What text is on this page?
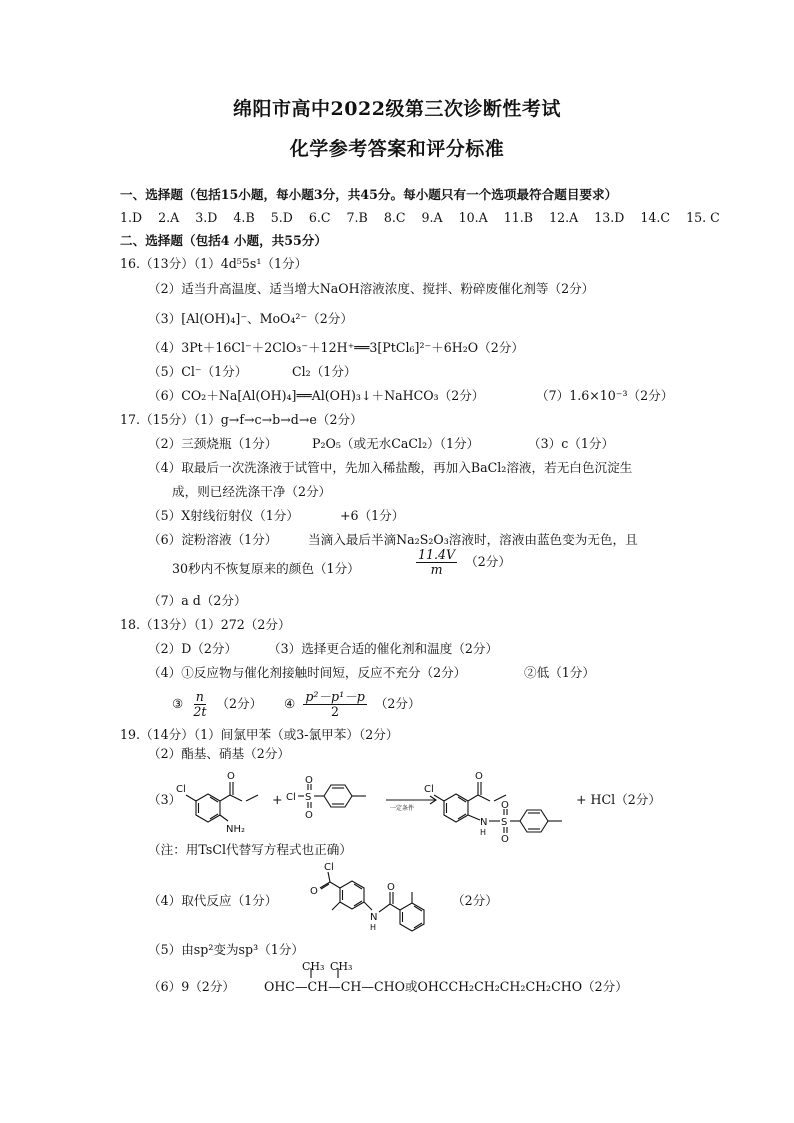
绵阳市高中2022级第三次诊断性考试
化学参考答案和评分标准
一、选择题（包括15小题，每小题3分，共45分。每小题只有一个选项最符合题目要求）
1.D 2.A 3.D 4.B 5.D 6.C 7.B 8.C 9.A 10.A 11.B 12.A 13.D 14.C 15. C
二、选择题（包括4 小题，共55分）
16.（13分）（1）4d⁵5s¹（1分）
（2）适当升高温度、适当增大NaOH溶液浓度、搅拌、粉碎废催化剂等（2分）
（3）[Al(OH)₄]⁻、MoO₄²⁻（2分）
（4）3Pt＋16Cl⁻＋2ClO₃⁻＋12H⁺══3[PtCl₆]²⁻＋6H₂O（2分）
（5）Cl⁻（1分）	Cl₂（1分）
（6）CO₂＋Na[Al(OH)₄]══Al(OH)₃↓＋NaHCO₃（2分）	（7）1.6×10⁻³（2分）
17.（15分）（1）g→f→c→b→d→e（2分）
（2）三颈烧瓶（1分）	P₂O₅（或无水CaCl₂）（1分）	（3）c（1分）
（4）取最后一次洗涤液于试管中，先加入稀盐酸，再加入BaCl₂溶液，若无白色沉淀生
成，则已经洗涤干净（2分）
（5）X射线衍射仪（1分）	+6（1分）
（6）淀粉溶液（1分） 当滴入最后半滴Na₂S₂O₃溶液时，溶液由蓝色变为无色，且
30秒内不恢复原来的颜色（1分）	$\frac{11.4V}{m} (2$分）
（7）a d（2分）
18.（13分）（1）272（2分）
（2）D（2分） （3）选择更合适的催化剂和温度（2分）
（4）①反应物与催化剂接触时间短，反应不充分（2分）	②低（1分）
③ $\frac{n}{2t} (2$分） ④ $\frac{\text{p²－p¹－p}}{2} (2$分）
19.（14分）（1）间氯甲苯（或3-氯甲苯）（2分）
（2）酯基、硝基（2分）
（3）
Cl
O
NH₂
+ Cl S
O
O
一定条件
Cl
O
N
H
S
O
O
+ HCl（2分）
（注：用TsCl代替写方程式也正确）
（4）取代反应（1分）
Cl
O
N
H
O
（2分）
（5）由sp²变为sp³（1分）
（6）9（2分）
CH₃ CH₃
OHC—CH—CH—CHO或OHCCH₂CH₂CH₂CH₂CHO（2分）
